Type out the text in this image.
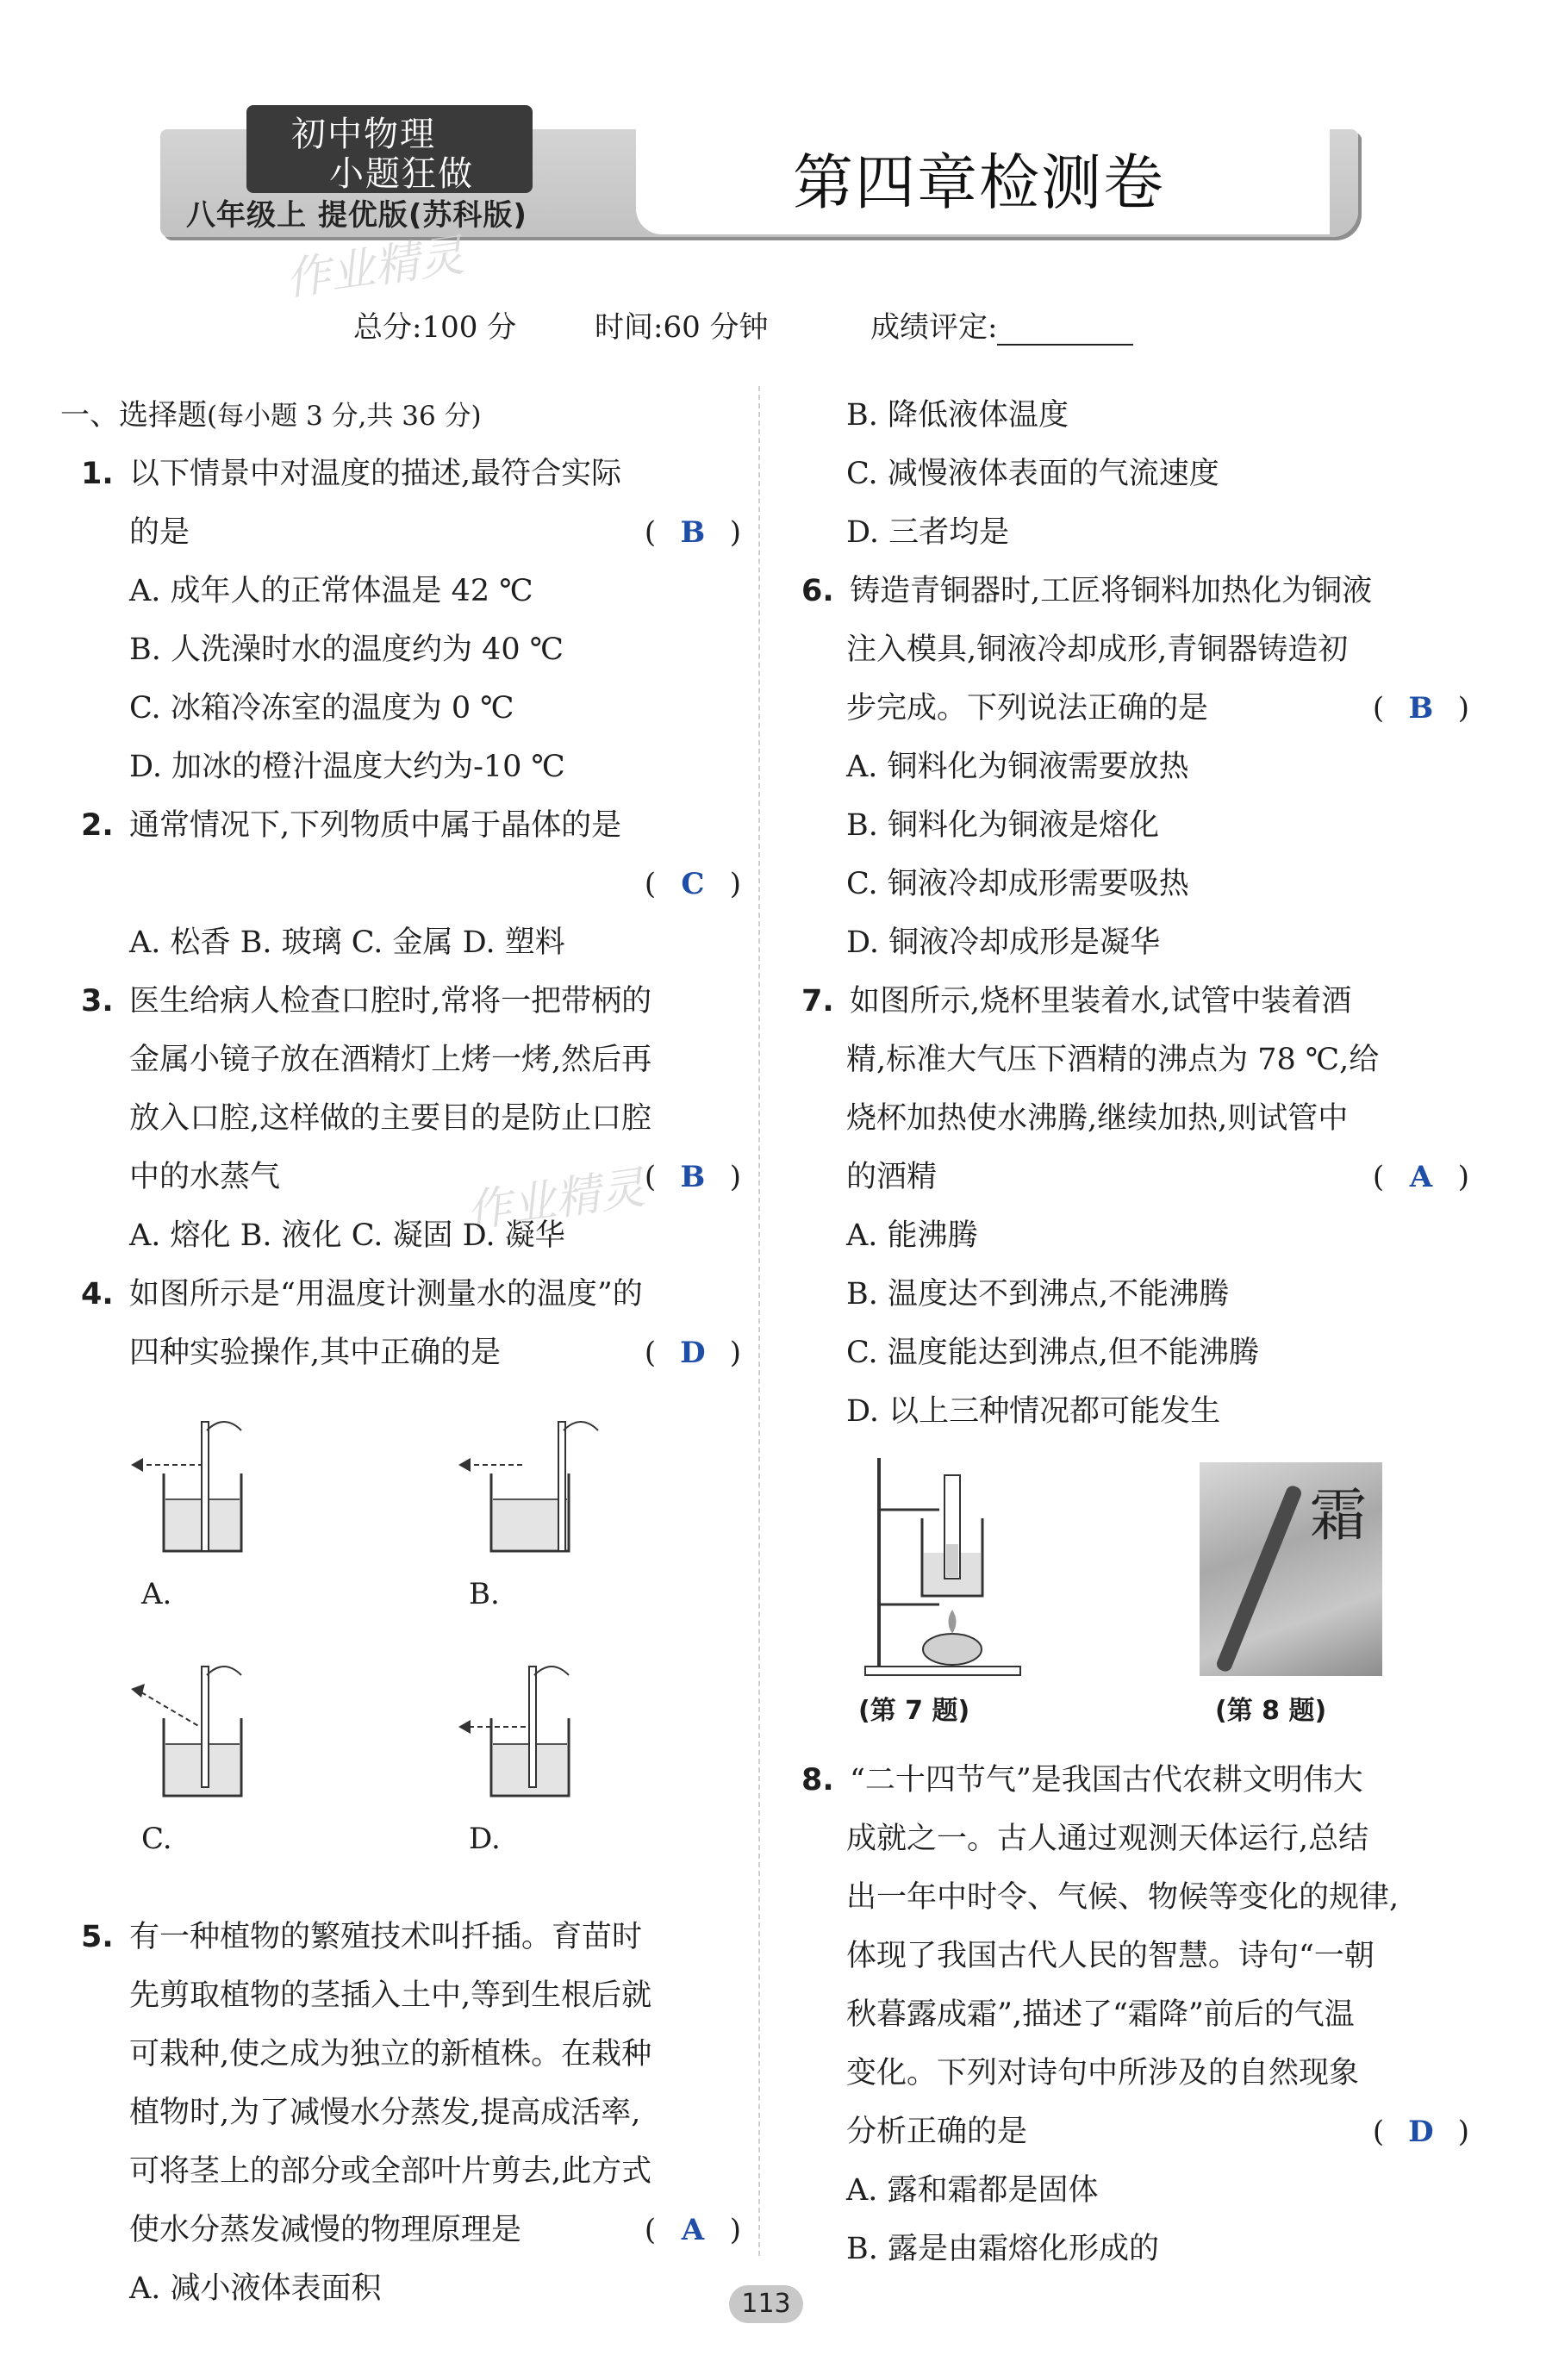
初中物理
小题狂做
八年级上 提优版(苏科版)	第四章检测卷
作业精灵
作业精灵
总分:100 分	时间:60 分钟	成绩评定:
一、选择题(每小题 3 分,共 36 分)
1. 以下情景中对温度的描述,最符合实际
的是	( B )
A. 成年人的正常体温是 42 ℃
B. 人洗澡时水的温度约为 40 ℃
C. 冰箱冷冻室的温度为 0 ℃
D. 加冰的橙汁温度大约为-10 ℃
2. 通常情况下,下列物质中属于晶体的是
( C )
A. 松香 B. 玻璃 C. 金属 D. 塑料
3. 医生给病人检查口腔时,常将一把带柄的
金属小镜子放在酒精灯上烤一烤,然后再
放入口腔,这样做的主要目的是防止口腔
中的水蒸气	( B )
A. 熔化 B. 液化 C. 凝固 D. 凝华
4. 如图所示是“用温度计测量水的温度”的
四种实验操作,其中正确的是	( D )
A.	B.
C.	D.
5. 有一种植物的繁殖技术叫扦插。育苗时
先剪取植物的茎插入土中,等到生根后就
可栽种,使之成为独立的新植株。在栽种
植物时,为了减慢水分蒸发,提高成活率,
可将茎上的部分或全部叶片剪去,此方式
使水分蒸发减慢的物理原理是	( A )
A. 减小液体表面积
B. 降低液体温度
C. 减慢液体表面的气流速度
D. 三者均是
6. 铸造青铜器时,工匠将铜料加热化为铜液
注入模具,铜液冷却成形,青铜器铸造初
步完成。下列说法正确的是	( B )
A. 铜料化为铜液需要放热
B. 铜料化为铜液是熔化
C. 铜液冷却成形需要吸热
D. 铜液冷却成形是凝华
7. 如图所示,烧杯里装着水,试管中装着酒
精,标准大气压下酒精的沸点为 78 ℃,给
烧杯加热使水沸腾,继续加热,则试管中
的酒精	( A )
A. 能沸腾
B. 温度达不到沸点,不能沸腾
C. 温度能达到沸点,但不能沸腾
D. 以上三种情况都可能发生
(第 7 题)
霜
(第 8 题)
8. “二十四节气”是我国古代农耕文明伟大
成就之一。古人通过观测天体运行,总结
出一年中时令、气候、物候等变化的规律,
体现了我国古代人民的智慧。诗句“一朝
秋暮露成霜”,描述了“霜降”前后的气温
变化。下列对诗句中所涉及的自然现象
分析正确的是	( D )
A. 露和霜都是固体
B. 露是由霜熔化形成的
113
